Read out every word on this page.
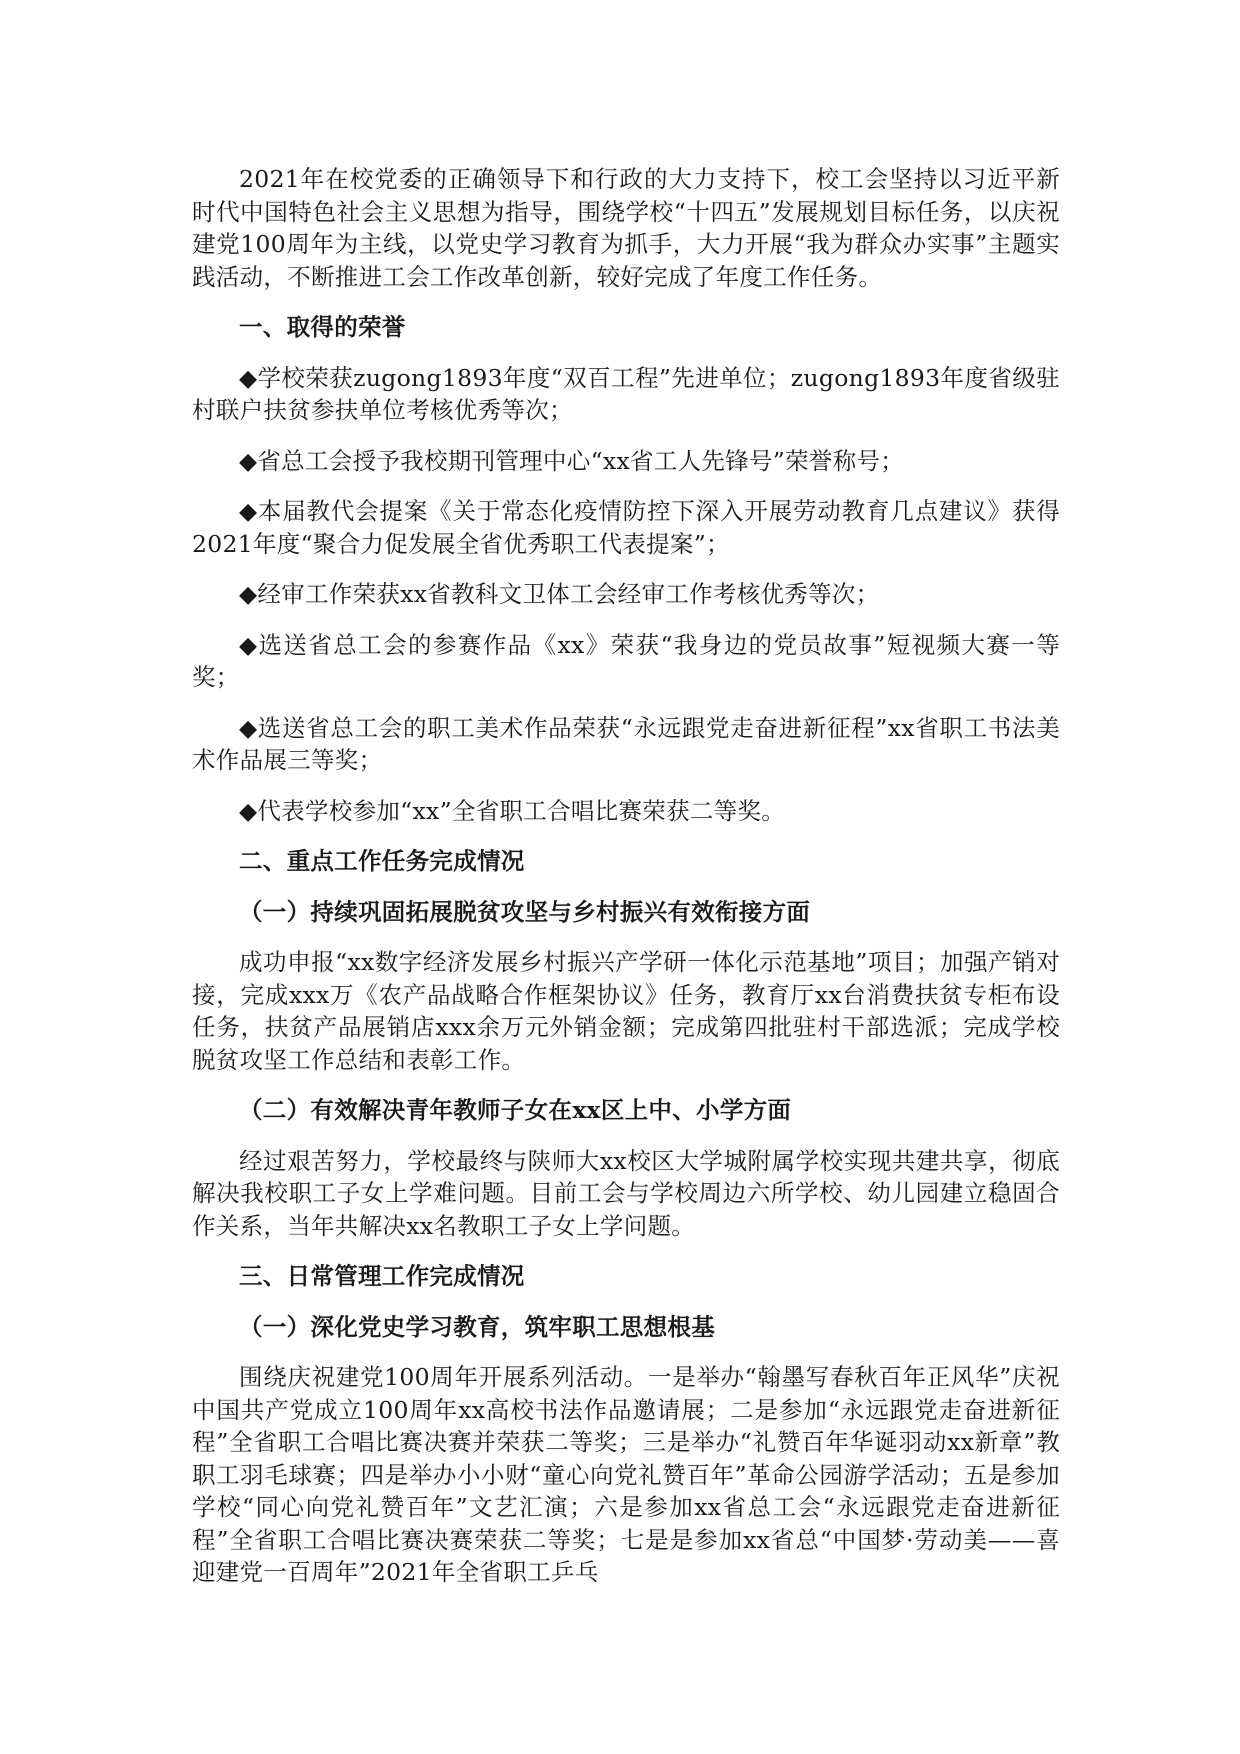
2021年在校党委的正确领导下和行政的大力支持下，校工会坚持以习近平新时代中国特色社会主义思想为指导，围绕学校“十四五”发展规划目标任务，以庆祝建党100周年为主线，以党史学习教育为抓手，大力开展“我为群众办实事”主题实践活动，不断推进工会工作改革创新，较好完成了年度工作任务。

一、取得的荣誉

◆学校荣获zugong1893年度“双百工程”先进单位；zugong1893年度省级驻村联户扶贫参扶单位考核优秀等次；

◆省总工会授予我校期刊管理中心“xx省工人先锋号”荣誉称号；

◆本届教代会提案《关于常态化疫情防控下深入开展劳动教育几点建议》获得2021年度“聚合力促发展全省优秀职工代表提案”；

◆经审工作荣获xx省教科文卫体工会经审工作考核优秀等次；

◆选送省总工会的参赛作品《xx》荣获“我身边的党员故事”短视频大赛一等奖；

◆选送省总工会的职工美术作品荣获“永远跟党走奋进新征程”xx省职工书法美术作品展三等奖；

◆代表学校参加“xx”全省职工合唱比赛荣获二等奖。

二、重点工作任务完成情况

（一）持续巩固拓展脱贫攻坚与乡村振兴有效衔接方面

成功申报“xx数字经济发展乡村振兴产学研一体化示范基地”项目；加强产销对接，完成xxx万《农产品战略合作框架协议》任务，教育厅xx台消费扶贫专柜布设任务，扶贫产品展销店xxx余万元外销金额；完成第四批驻村干部选派；完成学校脱贫攻坚工作总结和表彰工作。

（二）有效解决青年教师子女在xx区上中、小学方面

经过艰苦努力，学校最终与陕师大xx校区大学城附属学校实现共建共享，彻底解决我校职工子女上学难问题。目前工会与学校周边六所学校、幼儿园建立稳固合作关系，当年共解决xx名教职工子女上学问题。

三、日常管理工作完成情况

（一）深化党史学习教育，筑牢职工思想根基

围绕庆祝建党100周年开展系列活动。一是举办“翰墨写春秋百年正风华”庆祝中国共产党成立100周年xx高校书法作品邀请展；二是参加“永远跟党走奋进新征程”全省职工合唱比赛决赛并荣获二等奖；三是举办“礼赞百年华诞羽动xx新章”教职工羽毛球赛；四是举办小小财“童心向党礼赞百年”革命公园游学活动；五是参加学校“同心向党礼赞百年”文艺汇演；六是参加xx省总工会“永远跟党走奋进新征程”全省职工合唱比赛决赛荣获二等奖；七是是参加xx省总“中国梦·劳动美——喜迎建党一百周年”2021年全省职工乒乓
